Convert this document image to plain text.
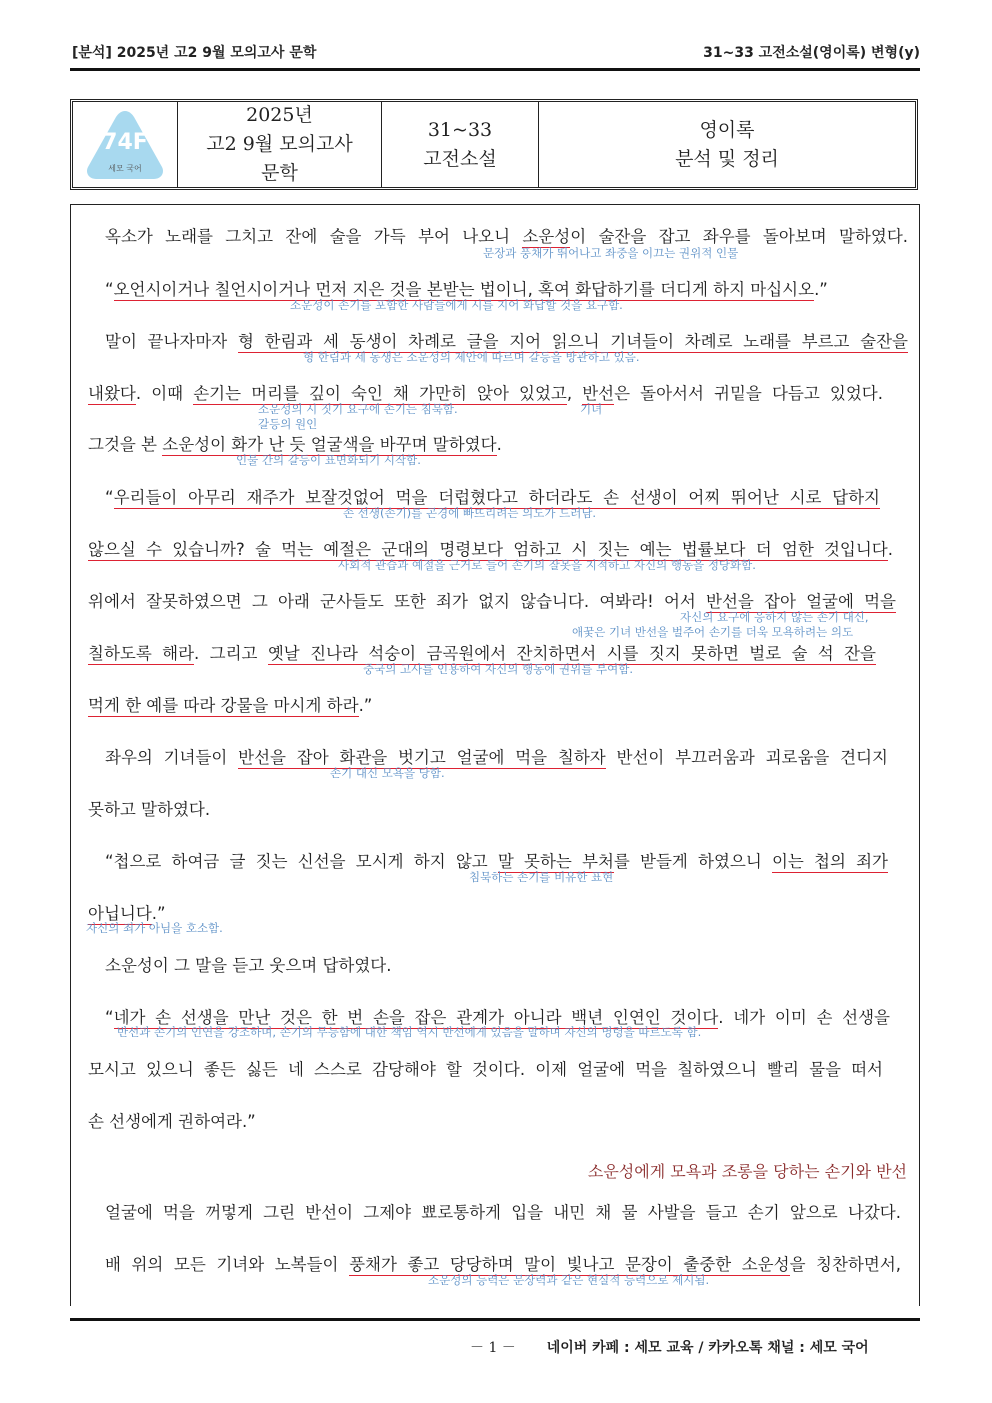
[분석] 2025년 고2 9월 모의고사 문학	31~33 고전소설(영이록) 변형(y)
74F
세모 국어
2025년
고2 9월 모의고사
문학
31~33
고전소설
영이록
분석 및 정리
옥소가 노래를 그치고 잔에 술을 가득 부어 나오니 소운성이 술잔을 잡고 좌우를 돌아보며 말하였다.
문장과 풍채가 뛰어나고 좌중을 이끄는 권위적 인물
“오언시이거나 칠언시이거나 먼저 지은 것을 본받는 법이니, 혹여 화답하기를 더디게 하지 마십시오.”
소운성이 손기를 포함한 사람들에게 시를 지어 화답할 것을 요구함.
말이 끝나자마자 형 한림과 세 동생이 차례로 글을 지어 읽으니 기녀들이 차례로 노래를 부르고 술잔을
형 한림과 세 동생은 소운성의 제안에 따르며 갈등을 방관하고 있음.
내왔다. 이때 손기는 머리를 깊이 숙인 채 가만히 앉아 있었고, 반선은 돌아서서 귀밑을 다듬고 있었다.
소운성의 시 짓기 요구에 손기는 침묵함.	기녀
갈등의 원인
그것을 본 소운성이 화가 난 듯 얼굴색을 바꾸며 말하였다.
인물 간의 갈등이 표면화되기 시작함.
“우리들이 아무리 재주가 보잘것없어 먹을 더럽혔다고 하더라도 손 선생이 어찌 뛰어난 시로 답하지
손 선생(손기)를 곤경에 빠뜨리려는 의도가 드러남.
않으실 수 있습니까? 술 먹는 예절은 군대의 명령보다 엄하고 시 짓는 예는 법률보다 더 엄한 것입니다.
사회적 관습과 예절을 근거로 들어 손기의 잘못을 지적하고 자신의 행동을 정당화함.
위에서 잘못하였으면 그 아래 군사들도 또한 죄가 없지 않습니다. 여봐라! 어서 반선을 잡아 얼굴에 먹을
자신의 요구에 응하지 않는 손기 대신,
애꿎은 기녀 반선을 벌주어 손기를 더욱 모욕하려는 의도
칠하도록 해라. 그리고 옛날 진나라 석숭이 금곡원에서 잔치하면서 시를 짓지 못하면 벌로 술 석 잔을
중국의 고사를 인용하여 자신의 행동에 권위를 부여함.
먹게 한 예를 따라 강물을 마시게 하라.”
좌우의 기녀들이 반선을 잡아 화관을 벗기고 얼굴에 먹을 칠하자 반선이 부끄러움과 괴로움을 견디지
손기 대신 모욕을 당함.
못하고 말하였다.
“첩으로 하여금 글 짓는 신선을 모시게 하지 않고 말 못하는 부처를 받들게 하였으니 이는 첩의 죄가
침묵하는 손기를 비유한 표현
아닙니다.”
자신의 죄가 아님을 호소함.
소운성이 그 말을 듣고 웃으며 답하였다.
“네가 손 선생을 만난 것은 한 번 손을 잡은 관계가 아니라 백년 인연인 것이다. 네가 이미 손 선생을
반선과 손기의 인연을 강조하며, 손기의 무능함에 대한 책임 역시 반선에게 있음을 말하며 자신의 명령을 따르도록 함.
모시고 있으니 좋든 싫든 네 스스로 감당해야 할 것이다. 이제 얼굴에 먹을 칠하였으니 빨리 물을 떠서
손 선생에게 권하여라.”
소운성에게 모욕과 조롱을 당하는 손기와 반선
얼굴에 먹을 꺼멓게 그린 반선이 그제야 뾰로통하게 입을 내민 채 물 사발을 들고 손기 앞으로 나갔다.
배 위의 모든 기녀와 노복들이 풍채가 좋고 당당하며 말이 빛나고 문장이 출중한 소운성을 칭찬하면서,
소운성의 능력은 문장력과 같은 현실적 능력으로 제시됨.
－ 1 － 네이버 카페 : 세모 교육 / 카카오톡 채널 : 세모 국어
